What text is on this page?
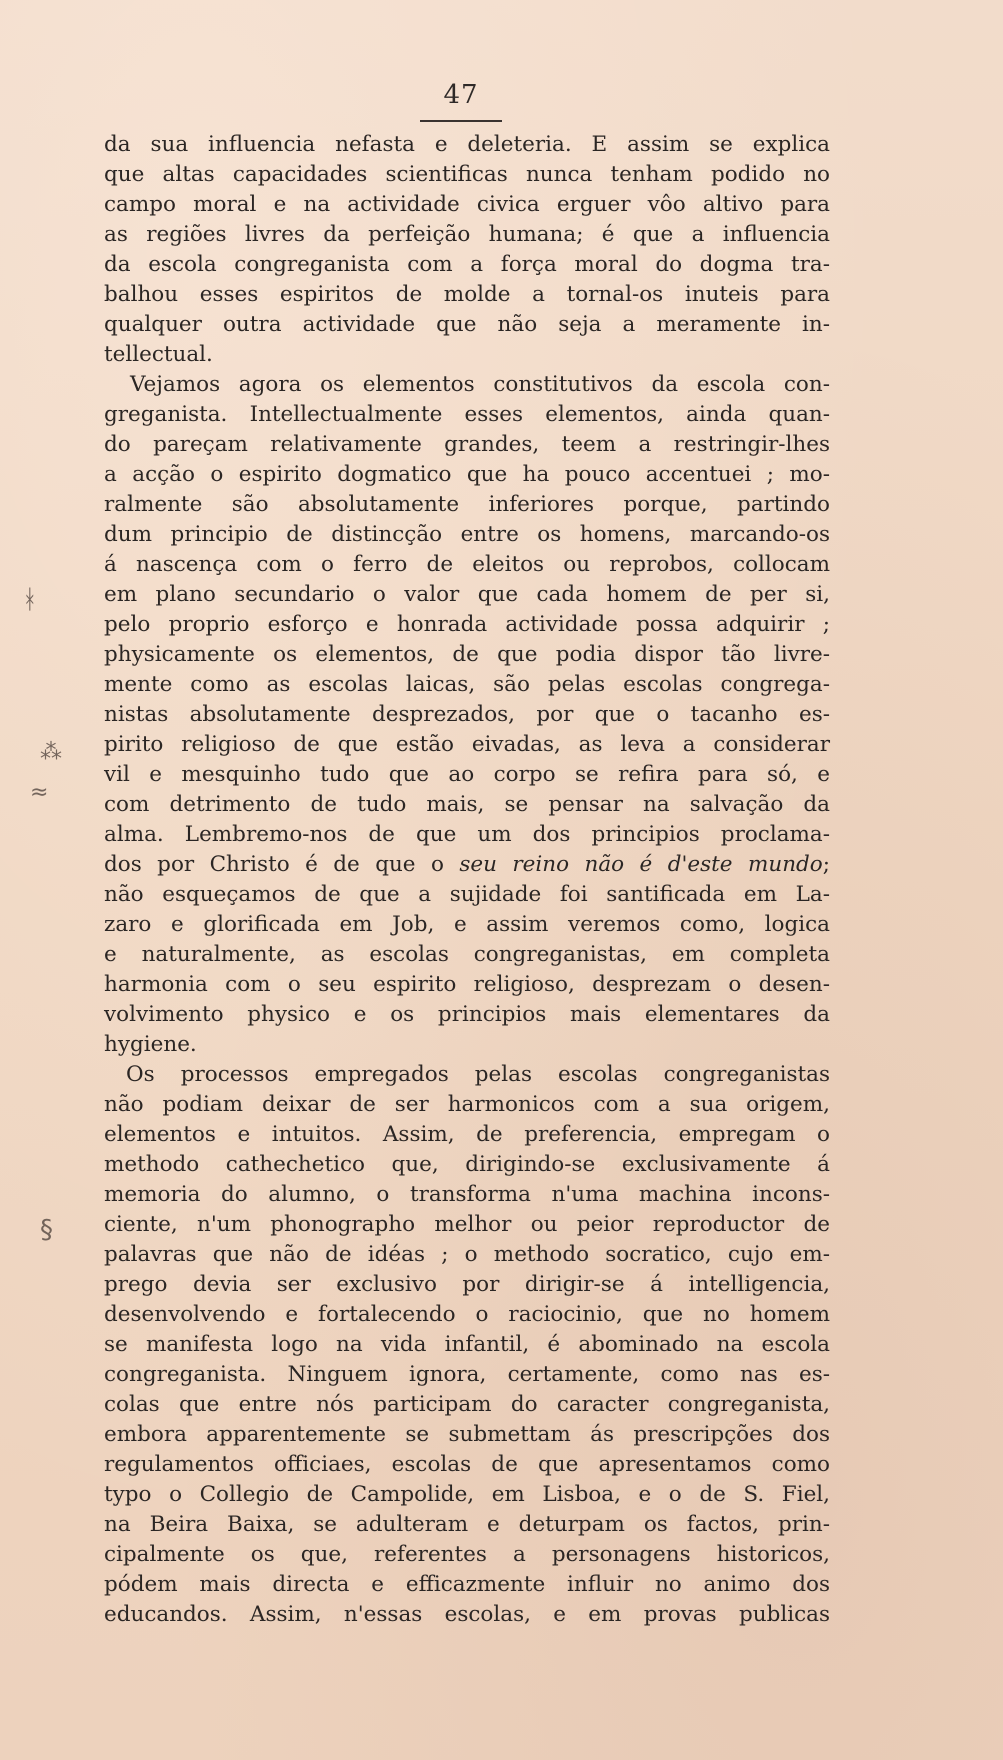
47
ᚼ
⁂
≈
§
da sua influencia nefasta e deleteria. E assim se explica
que altas capacidades scientificas nunca tenham podido no
campo moral e na actividade civica erguer vôo altivo para
as regiões livres da perfeição humana; é que a influencia
da escola congreganista com a força moral do dogma tra-
balhou esses espiritos de molde a tornal-os inuteis para
qualquer outra actividade que não seja a meramente in-
tellectual.
Vejamos agora os elementos constitutivos da escola con-
greganista. Intellectualmente esses elementos, ainda quan-
do pareçam relativamente grandes, teem a restringir-lhes
a acção o espirito dogmatico que ha pouco accentuei ; mo-
ralmente são absolutamente inferiores porque, partindo
dum principio de distincção entre os homens, marcando-os
á nascença com o ferro de eleitos ou reprobos, collocam
em plano secundario o valor que cada homem de per si,
pelo proprio esforço e honrada actividade possa adquirir ;
physicamente os elementos, de que podia dispor tão livre-
mente como as escolas laicas, são pelas escolas congrega-
nistas absolutamente desprezados, por que o tacanho es-
pirito religioso de que estão eivadas, as leva a considerar
vil e mesquinho tudo que ao corpo se refira para só, e
com detrimento de tudo mais, se pensar na salvação da
alma. Lembremo-nos de que um dos principios proclama-
dos por Christo é de que o seu reino não é d'este mundo;
não esqueçamos de que a sujidade foi santificada em La-
zaro e glorificada em Job, e assim veremos como, logica
e naturalmente, as escolas congreganistas, em completa
harmonia com o seu espirito religioso, desprezam o desen-
volvimento physico e os principios mais elementares da
hygiene.
Os processos empregados pelas escolas congreganistas
não podiam deixar de ser harmonicos com a sua origem,
elementos e intuitos. Assim, de preferencia, empregam o
methodo cathechetico que, dirigindo-se exclusivamente á
memoria do alumno, o transforma n'uma machina incons-
ciente, n'um phonographo melhor ou peior reproductor de
palavras que não de idéas ; o methodo socratico, cujo em-
prego devia ser exclusivo por dirigir-se á intelligencia,
desenvolvendo e fortalecendo o raciocinio, que no homem
se manifesta logo na vida infantil, é abominado na escola
congreganista. Ninguem ignora, certamente, como nas es-
colas que entre nós participam do caracter congreganista,
embora apparentemente se submettam ás prescripções dos
regulamentos officiaes, escolas de que apresentamos como
typo o Collegio de Campolide, em Lisboa, e o de S. Fiel,
na Beira Baixa, se adulteram e deturpam os factos, prin-
cipalmente os que, referentes a personagens historicos,
pódem mais directa e efficazmente influir no animo dos
educandos. Assim, n'essas escolas, e em provas publicas
